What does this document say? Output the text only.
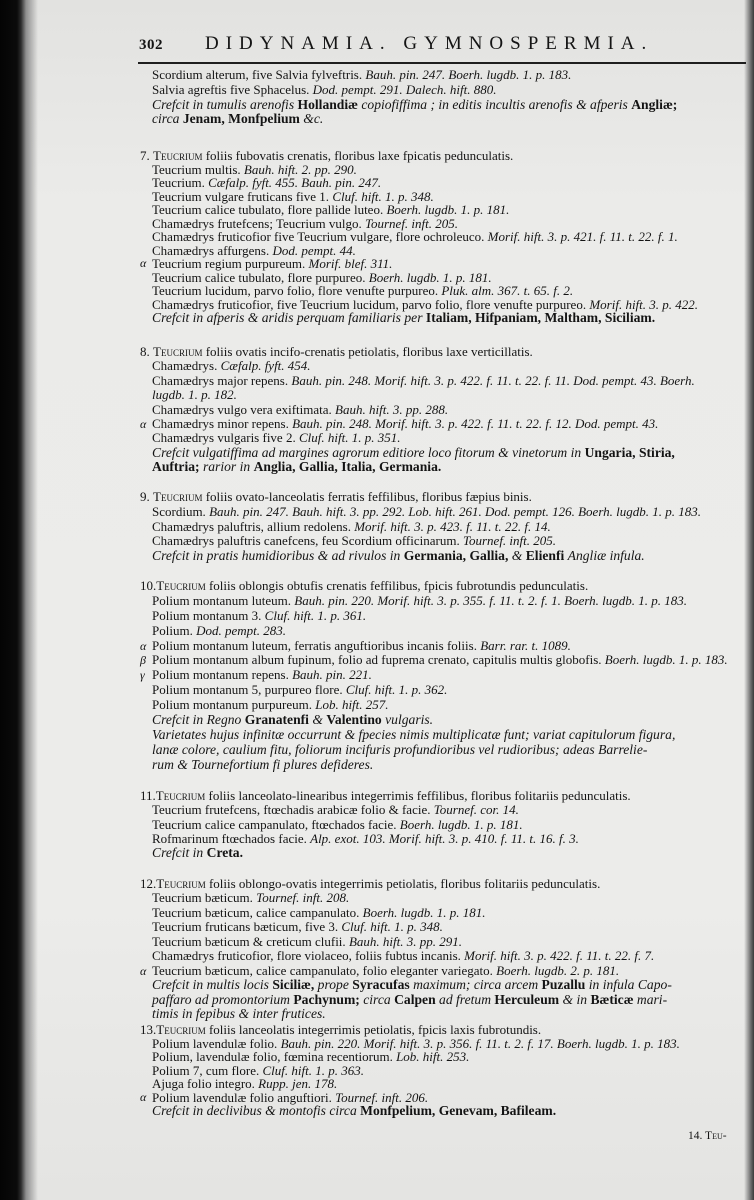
302 DIDYNAMIA. GYMNOSPERMIA.
Scordium alterum, five Salvia fylveftris. Bauh. pin. 247. Boerh. lugdb. 1. p. 183.
Salvia agreftis five Sphacelus. Dod. pempt. 291. Dalech. hift. 880.
Crefcit in tumulis arenofis Hollandiæ copiofiffima ; in editis incultis arenofis & afperis Angliæ;
circa Jenam, Monfpelium &c.
7. Teucrium foliis fubovatis crenatis, floribus laxe fpicatis pedunculatis.
Teucrium multis. Bauh. hift. 2. pp. 290.
Teucrium. Cæfalp. fyft. 455. Bauh. pin. 247.
Teucrium vulgare fruticans five 1. Cluf. hift. 1. p. 348.
Teucrium calice tubulato, flore pallide luteo. Boerh. lugdb. 1. p. 181.
Chamædrys frutefcens; Teucrium vulgo. Tournef. inft. 205.
Chamædrys fruticofior five Teucrium vulgare, flore ochroleuco. Morif. hift. 3. p. 421. f. 11. t. 22. f. 1.
Chamædrys affurgens. Dod. pempt. 44.
α Teucrium regium purpureum. Morif. blef. 311.
Teucrium calice tubulato, flore purpureo. Boerh. lugdb. 1. p. 181.
Teucrium lucidum, parvo folio, flore venufte purpureo. Pluk. alm. 367. t. 65. f. 2.
Chamædrys fruticofior, five Teucrium lucidum, parvo folio, flore venufte purpureo. Morif. hift. 3. p. 422.
Crefcit in afperis & aridis perquam familiaris per Italiam, Hifpaniam, Maltham, Siciliam.
8. Teucrium foliis ovatis incifo-crenatis petiolatis, floribus laxe verticillatis.
Chamædrys. Cæfalp. fyft. 454.
Chamædrys major repens. Bauh. pin. 248. Morif. hift. 3. p. 422. f. 11. t. 22. f. 11. Dod. pempt. 43. Boerh.
lugdb. 1. p. 182.
Chamædrys vulgo vera exiftimata. Bauh. hift. 3. pp. 288.
α Chamædrys minor repens. Bauh. pin. 248. Morif. hift. 3. p. 422. f. 11. t. 22. f. 12. Dod. pempt. 43.
Chamædrys vulgaris five 2. Cluf. hift. 1. p. 351.
Crefcit vulgatiffima ad margines agrorum editiore loco fitorum & vinetorum in Ungaria, Stiria,
Auftria; rarior in Anglia, Gallia, Italia, Germania.
9. Teucrium foliis ovato-lanceolatis ferratis feffilibus, floribus fæpius binis.
Scordium. Bauh. pin. 247. Bauh. hift. 3. pp. 292. Lob. hift. 261. Dod. pempt. 126. Boerh. lugdb. 1. p. 183.
Chamædrys paluftris, allium redolens. Morif. hift. 3. p. 423. f. 11. t. 22. f. 14.
Chamædrys paluftris canefcens, feu Scordium officinarum. Tournef. inft. 205.
Crefcit in pratis humidioribus & ad rivulos in Germania, Gallia, & Elienfi Angliæ infula.
10.Teucrium foliis oblongis obtufis crenatis feffilibus, fpicis fubrotundis pedunculatis.
Polium montanum luteum. Bauh. pin. 220. Morif. hift. 3. p. 355. f. 11. t. 2. f. 1. Boerh. lugdb. 1. p. 183.
Polium montanum 3. Cluf. hift. 1. p. 361.
Polium. Dod. pempt. 283.
α Polium montanum luteum, ferratis anguftioribus incanis foliis. Barr. rar. t. 1089.
β Polium montanum album fupinum, folio ad fuprema crenato, capitulis multis globofis. Boerh. lugdb. 1. p. 183.
γ Polium montanum repens. Bauh. pin. 221.
Polium montanum 5, purpureo flore. Cluf. hift. 1. p. 362.
Polium montanum purpureum. Lob. hift. 257.
Crefcit in Regno Granatenfi & Valentino vulgaris.
Varietates hujus infinitæ occurrunt & fpecies nimis multiplicatæ funt; variat capitulorum figura,
lanæ colore, caulium fitu, foliorum incifuris profundioribus vel rudioribus; adeas Barrelie-
rum & Tournefortium fi plures defideres.
11.Teucrium foliis lanceolato-linearibus integerrimis feffilibus, floribus folitariis pedunculatis.
Teucrium frutefcens, ftœchadis arabicæ folio & facie. Tournef. cor. 14.
Teucrium calice campanulato, ftœchados facie. Boerh. lugdb. 1. p. 181.
Rofmarinum ftœchados facie. Alp. exot. 103. Morif. hift. 3. p. 410. f. 11. t. 16. f. 3.
Crefcit in Creta.
12.Teucrium foliis oblongo-ovatis integerrimis petiolatis, floribus folitariis pedunculatis.
Teucrium bæticum. Tournef. inft. 208.
Teucrium bæticum, calice campanulato. Boerh. lugdb. 1. p. 181.
Teucrium fruticans bæticum, five 3. Cluf. hift. 1. p. 348.
Teucrium bæticum & creticum clufii. Bauh. hift. 3. pp. 291.
Chamædrys fruticofior, flore violaceo, foliis fubtus incanis. Morif. hift. 3. p. 422. f. 11. t. 22. f. 7.
α Teucrium bæticum, calice campanulato, folio eleganter variegato. Boerh. lugdb. 2. p. 181.
Crefcit in multis locis Siciliæ, prope Syracufas maximum; circa arcem Puzallu in infula Capo-
paffaro ad promontorium Pachynum; circa Calpen ad fretum Herculeum & in Bæticæ mari-
timis in fepibus & inter frutices.
13.Teucrium foliis lanceolatis integerrimis petiolatis, fpicis laxis fubrotundis.
Polium lavendulæ folio. Bauh. pin. 220. Morif. hift. 3. p. 356. f. 11. t. 2. f. 17. Boerh. lugdb. 1. p. 183.
Polium, lavendulæ folio, fœmina recentiorum. Lob. hift. 253.
Polium 7, cum flore. Cluf. hift. 1. p. 363.
Ajuga folio integro. Rupp. jen. 178.
α Polium lavendulæ folio anguftiori. Tournef. inft. 206.
Crefcit in declivibus & montofis circa Monfpelium, Genevam, Bafileam.
14. Teu-
